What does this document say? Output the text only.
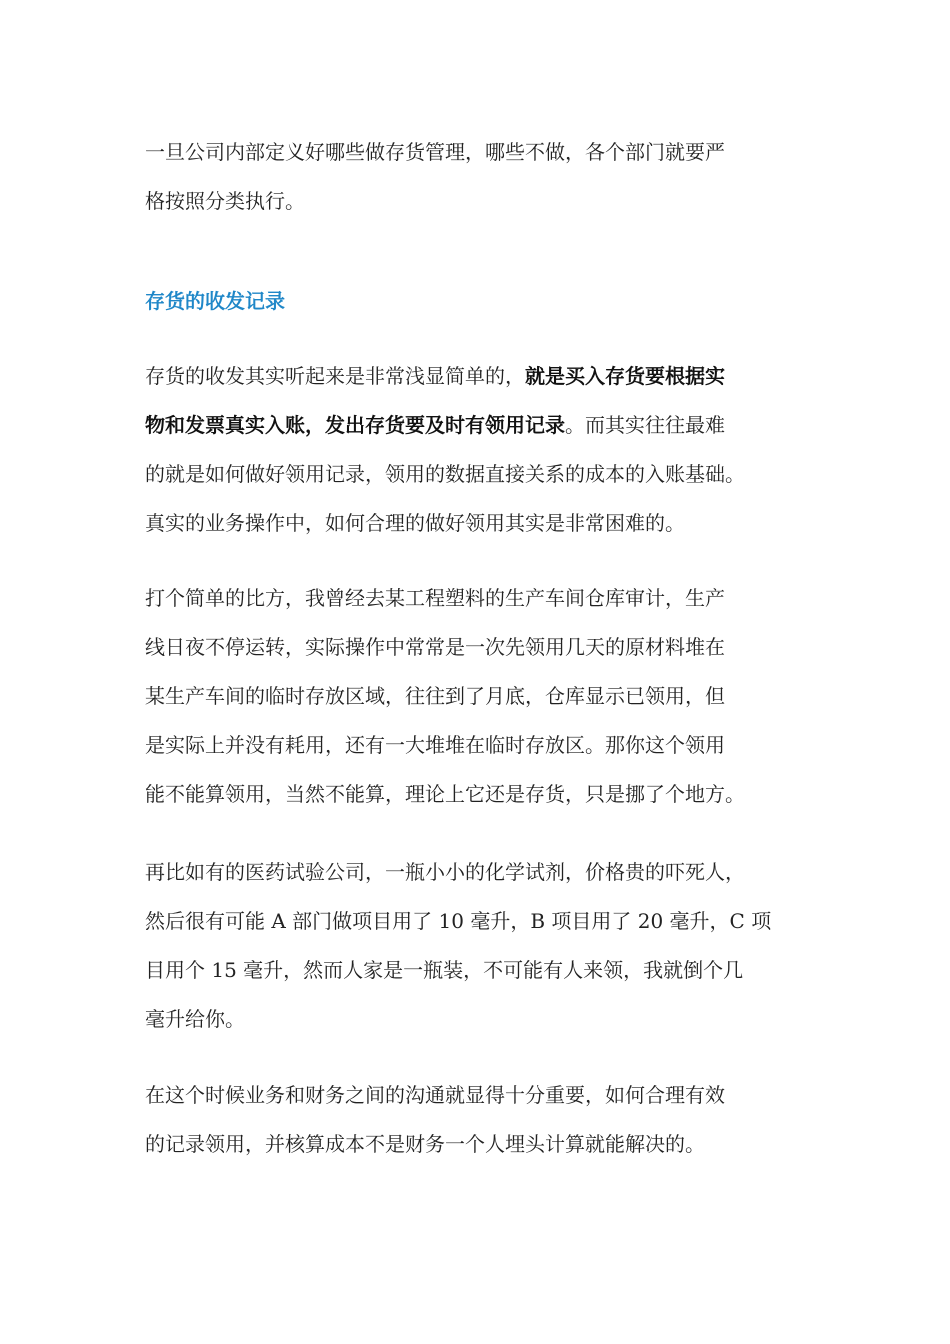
一旦公司内部定义好哪些做存货管理，哪些不做，各个部门就要严
格按照分类执行。

存货的收发记录

存货的收发其实听起来是非常浅显简单的，就是买入存货要根据实
物和发票真实入账，发出存货要及时有领用记录。而其实往往最难
的就是如何做好领用记录，领用的数据直接关系的成本的入账基础。
真实的业务操作中，如何合理的做好领用其实是非常困难的。

打个简单的比方，我曾经去某工程塑料的生产车间仓库审计，生产
线日夜不停运转，实际操作中常常是一次先领用几天的原材料堆在
某生产车间的临时存放区域，往往到了月底，仓库显示已领用，但
是实际上并没有耗用，还有一大堆堆在临时存放区。那你这个领用
能不能算领用，当然不能算，理论上它还是存货，只是挪了个地方。

再比如有的医药试验公司，一瓶小小的化学试剂，价格贵的吓死人，
然后很有可能 A 部门做项目用了 10 毫升，B 项目用了 20 毫升，C 项
目用个 15 毫升，然而人家是一瓶装，不可能有人来领，我就倒个几
毫升给你。

在这个时候业务和财务之间的沟通就显得十分重要，如何合理有效
的记录领用，并核算成本不是财务一个人埋头计算就能解决的。
